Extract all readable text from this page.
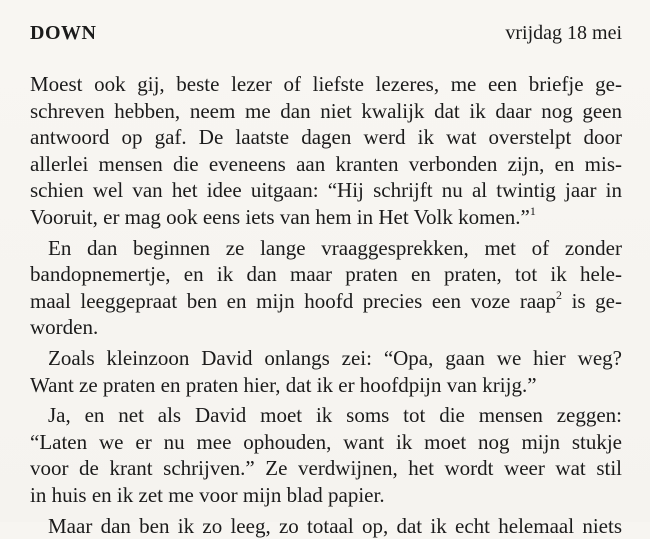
DOWN	vrijdag 18 mei
Moest ook gij, beste lezer of liefste lezeres, me een briefje ge-
schreven hebben, neem me dan niet kwalijk dat ik daar nog geen
antwoord op gaf. De laatste dagen werd ik wat overstelpt door
allerlei mensen die eveneens aan kranten verbonden zijn, en mis-
schien wel van het idee uitgaan: “Hij schrijft nu al twintig jaar in
Vooruit, er mag ook eens iets van hem in Het Volk komen.”$^1$
En dan beginnen ze lange vraaggesprekken, met of zonder
bandopnemertje, en ik dan maar praten en praten, tot ik hele-
maal leeggepraat ben en mijn hoofd precies een voze raap$^2$ is ge-
worden.
Zoals kleinzoon David onlangs zei: “Opa, gaan we hier weg?
Want ze praten en praten hier, dat ik er hoofdpijn van krijg.”
Ja, en net als David moet ik soms tot die mensen zeggen:
“Laten we er nu mee ophouden, want ik moet nog mijn stukje
voor de krant schrijven.” Ze verdwijnen, het wordt weer wat stil
in huis en ik zet me voor mijn blad papier.
Maar dan ben ik zo leeg, zo totaal op, dat ik echt helemaal niets
